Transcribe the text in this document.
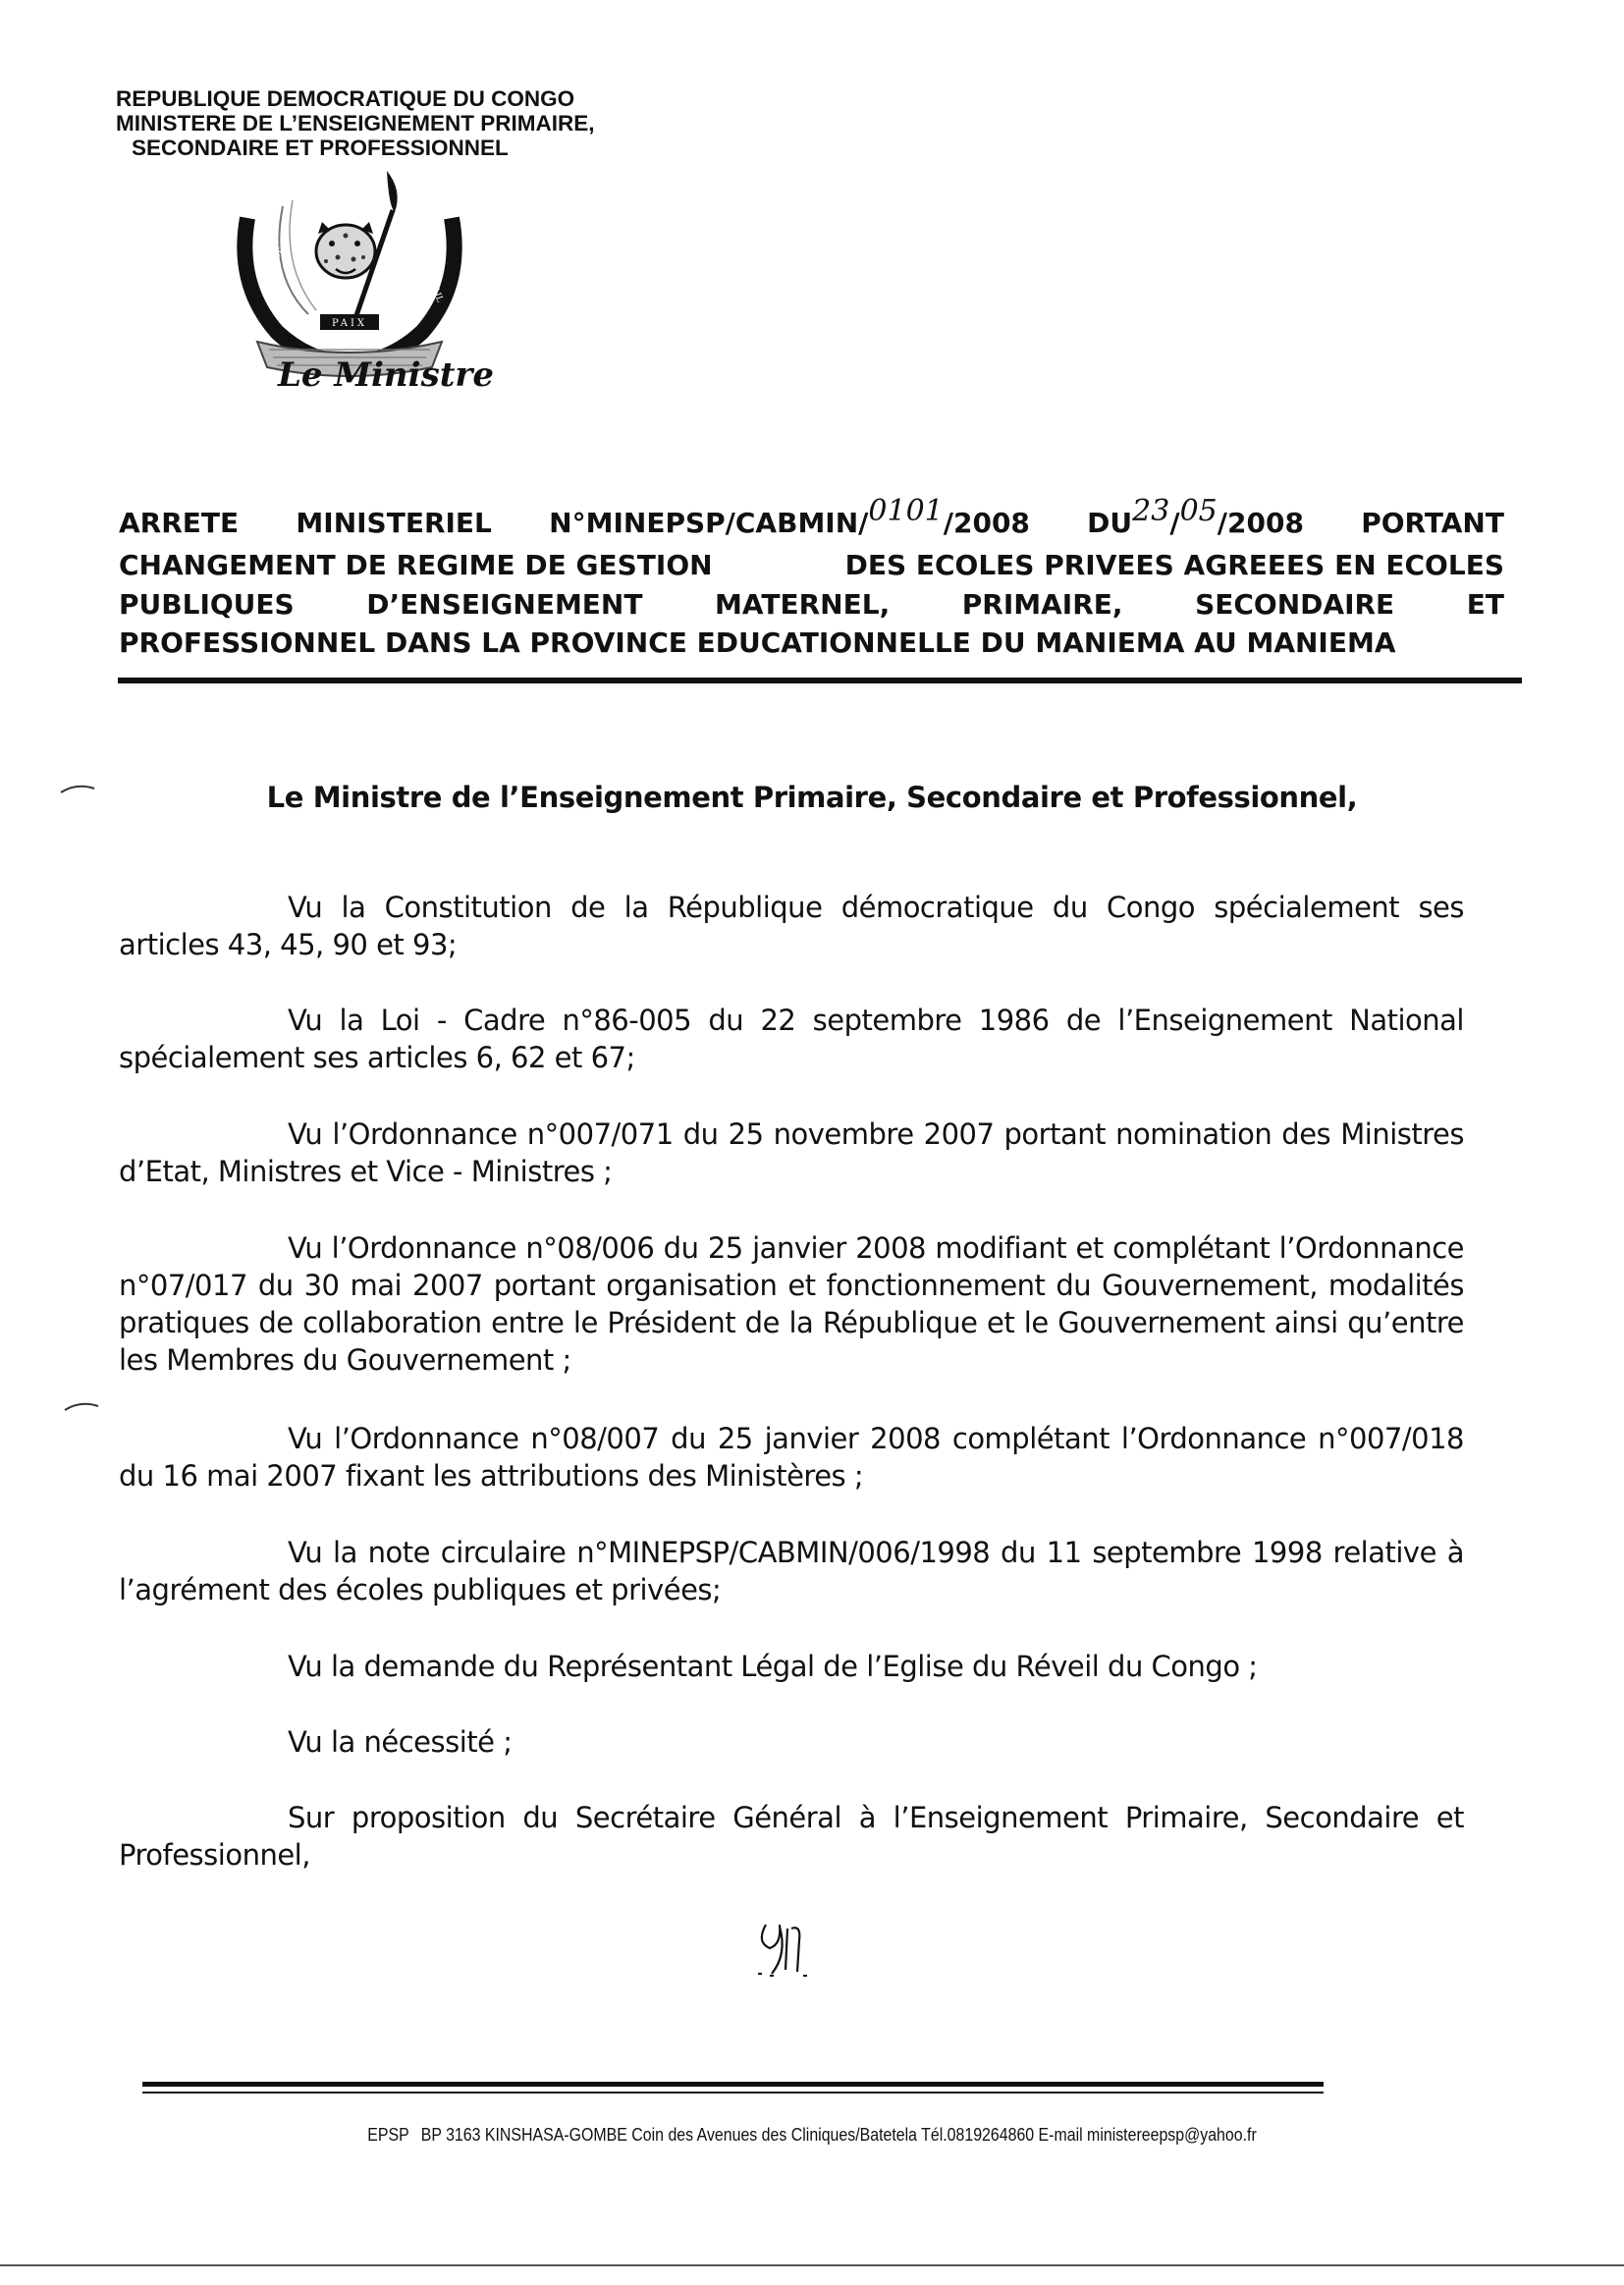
REPUBLIQUE DEMOCRATIQUE DU CONGO
MINISTERE DE L’ENSEIGNEMENT PRIMAIRE,
SECONDAIRE ET PROFESSIONNEL
PAIX
JUSTICE	TRAVAIL
Le Ministre
ARRETE MINISTERIEL N°MINEPSP/CABMIN/0101/2008 DU23/05/2008 PORTANT
CHANGEMENT DE REGIME DE GESTION	DES ECOLES PRIVEES AGREEES EN ECOLES
PUBLIQUES	D’ENSEIGNEMENT	MATERNEL,	PRIMAIRE,	SECONDAIRE	ET
PROFESSIONNEL DANS LA PROVINCE EDUCATIONNELLE DU MANIEMA AU MANIEMA
Le Ministre de l’Enseignement Primaire, Secondaire et Professionnel,
Vu la Constitution de la République démocratique du Congo spécialement ses articles 43, 45, 90 et 93;
Vu la Loi - Cadre n°86-005 du 22 septembre 1986 de l’Enseignement National spécialement ses articles 6, 62 et 67;
Vu l’Ordonnance n°007/071 du 25 novembre 2007 portant nomination des Ministres d’Etat, Ministres et Vice - Ministres ;
Vu l’Ordonnance n°08/006 du 25 janvier 2008 modifiant et complétant l’Ordonnance n°07/017 du 30 mai 2007 portant organisation et fonctionnement du Gouvernement, modalités pratiques de collaboration entre le Président de la République et le Gouvernement ainsi qu’entre les Membres du Gouvernement ;
Vu l’Ordonnance n°08/007 du 25 janvier 2008 complétant l’Ordonnance n°007/018 du 16 mai 2007 fixant les attributions des Ministères ;
Vu la note circulaire n°MINEPSP/CABMIN/006/1998 du 11 septembre 1998 relative à l’agrément des écoles publiques et privées;
Vu la demande du Représentant Légal de l’Eglise du Réveil du Congo ;
Vu la nécessité ;
Sur proposition du Secrétaire Général à l’Enseignement Primaire, Secondaire et Professionnel,
EPSP BP 3163 KINSHASA-GOMBE Coin des Avenues des Cliniques/Batetela Tél.0819264860 E-mail ministereepsp@yahoo.fr
